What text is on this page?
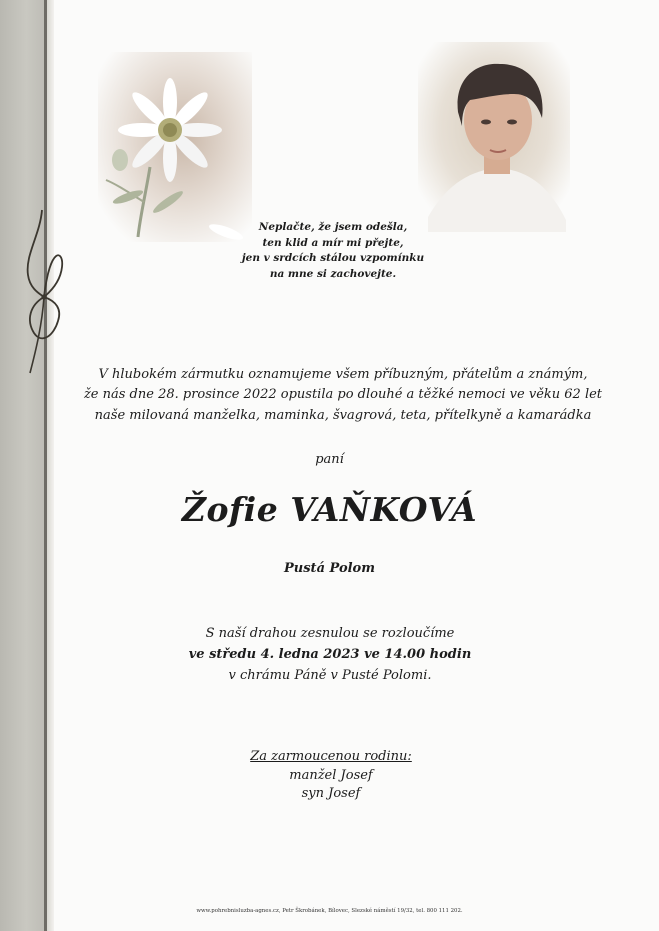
Neplačte, že jsem odešla,
ten klid a mír mi přejte,
jen v srdcích stálou vzpomínku
na mne si zachovejte.
V hlubokém zármutku oznamujeme všem příbuzným, přátelům a známým,
že nás dne 28. prosince 2022 opustila po dlouhé a těžké nemoci ve věku 62 let
naše milovaná manželka, maminka, švagrová, teta, přítelkyně a kamarádka
paní
Žofie VAŇKOVÁ
Pustá Polom
S naší drahou zesnulou se rozloučíme
ve středu 4. ledna 2023 ve 14.00 hodin
v chrámu Páně v Pusté Polomi.
Za zarmoucenou rodinu:
manžel Josef
syn Josef
www.pohrebnisluzba-agnes.cz, Petr Škrobánek, Bílovec, Slezské náměstí 19/32, tel. 800 111 202.
